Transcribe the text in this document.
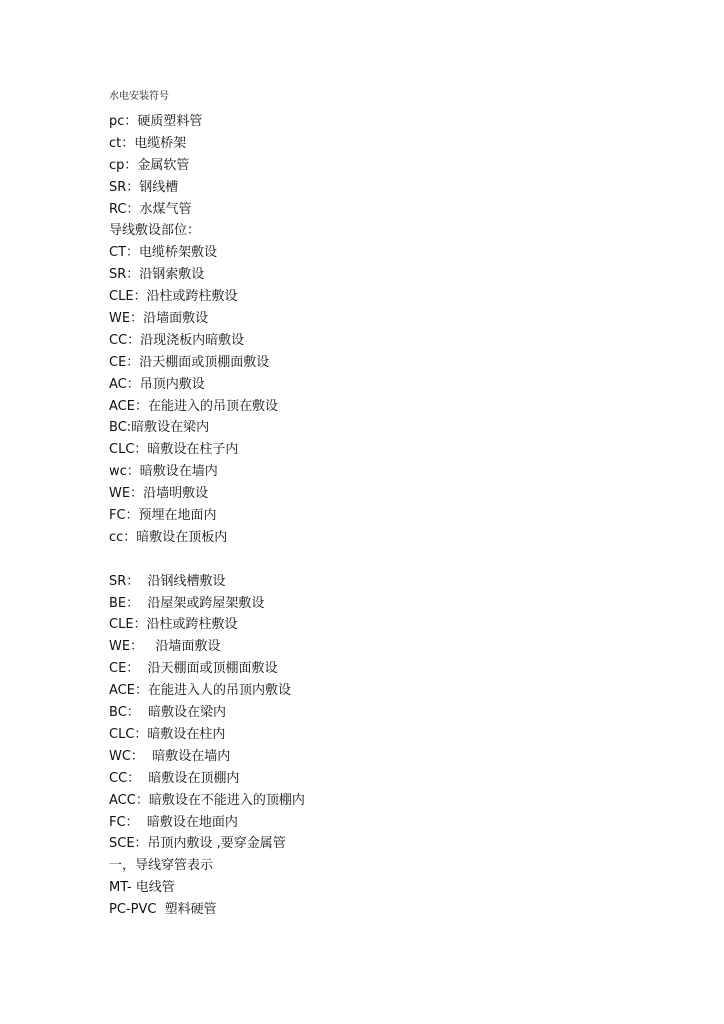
水电安装符号
pc：硬质塑料管
ct：电缆桥架
cp：金属软管
SR：钢线槽
RC：水煤气管
导线敷设部位：
CT：电缆桥架敷设
SR：沿钢索敷设
CLE：沿柱或跨柱敷设
WE：沿墙面敷设
CC：沿现浇板内暗敷设
CE：沿天棚面或顶棚面敷设
AC：吊顶内敷设
ACE：在能进入的吊顶在敷设
BC:暗敷设在梁内
CLC：暗敷设在柱子内
wc：暗敷设在墙内
WE：沿墙明敷设
FC：预埋在地面内
cc：暗敷设在顶板内
SR：  沿钢线槽敷设
BE：  沿屋架或跨屋架敷设
CLE：沿柱或跨柱敷设
WE：   沿墙面敷设
CE：  沿天棚面或顶棚面敷设
ACE：在能进入人的吊顶内敷设
BC：  暗敷设在梁内
CLC：暗敷设在柱内
WC：  暗敷设在墙内
CC：  暗敷设在顶棚内
ACC：暗敷设在不能进入的顶棚内
FC：  暗敷设在地面内
SCE：吊顶内敷设 ,要穿金属管
一，导线穿管表示
MT- 电线管
PC-PVC  塑料硬管
